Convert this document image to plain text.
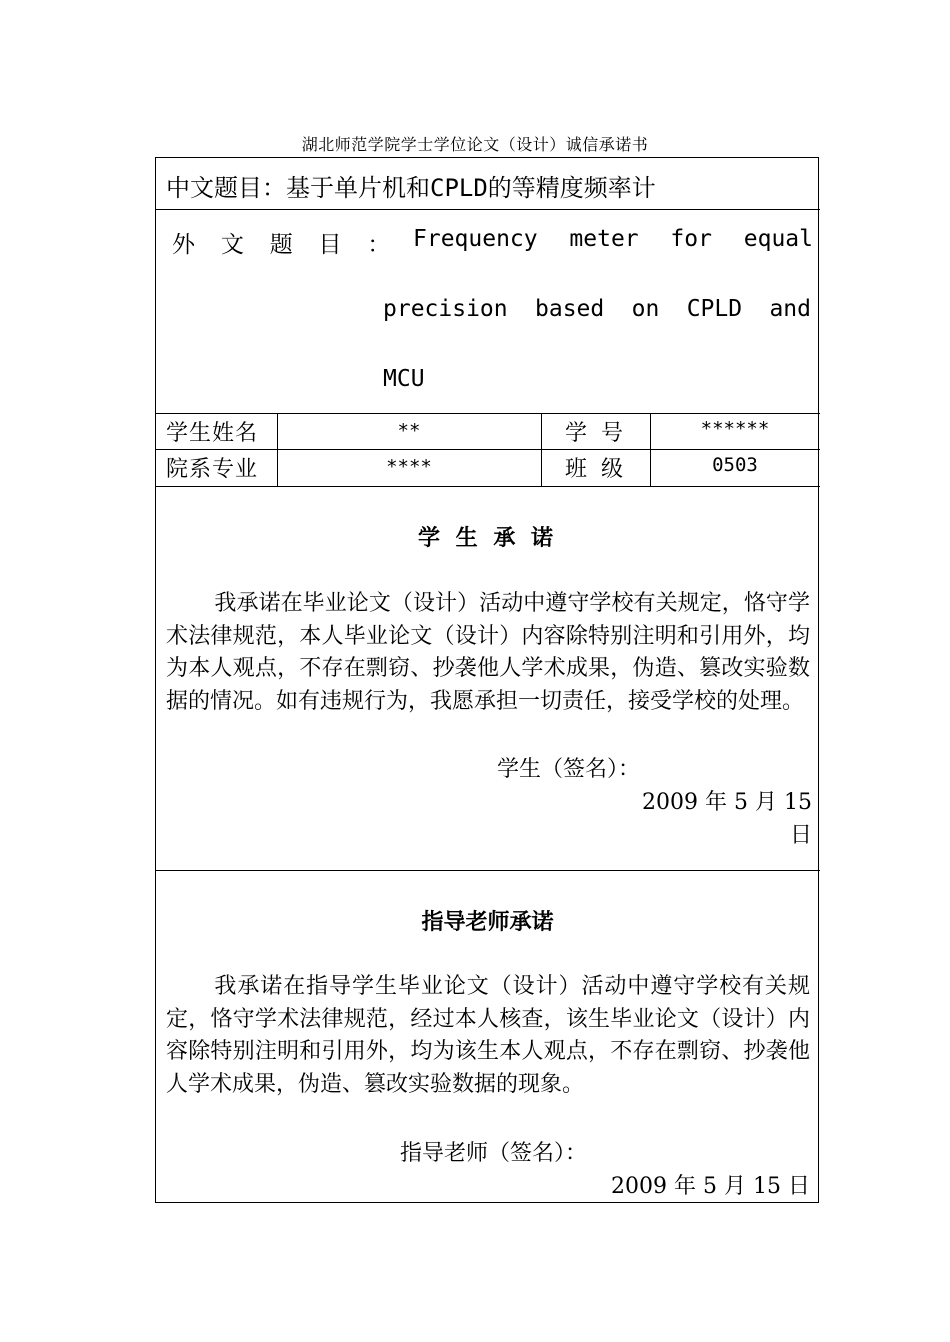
湖北师范学院学士学位论文（设计）诚信承诺书
中文题目：基于单片机和CPLD的等精度频率计
外 文 题 目 ： Frequency meter for equal
precision based on CPLD and
MCU
学生姓名	**	学  号	******
院系专业	****	班  级	0503
学 生 承 诺
我承诺在毕业论文（设计）活动中遵守学校有关规定，恪守学术法律规范，本人毕业论文（设计）内容除特别注明和引用外，均为本人观点，不存在剽窃、抄袭他人学术成果，伪造、篡改实验数据的情况。如有违规行为，我愿承担一切责任，接受学校的处理。
学生（签名）：
2009 年 5 月 15
日
指导老师承诺
我承诺在指导学生毕业论文（设计）活动中遵守学校有关规定，恪守学术法律规范，经过本人核查，该生毕业论文（设计）内容除特别注明和引用外，均为该生本人观点，不存在剽窃、抄袭他人学术成果，伪造、篡改实验数据的现象。
指导老师（签名）：
2009 年 5 月 15 日
